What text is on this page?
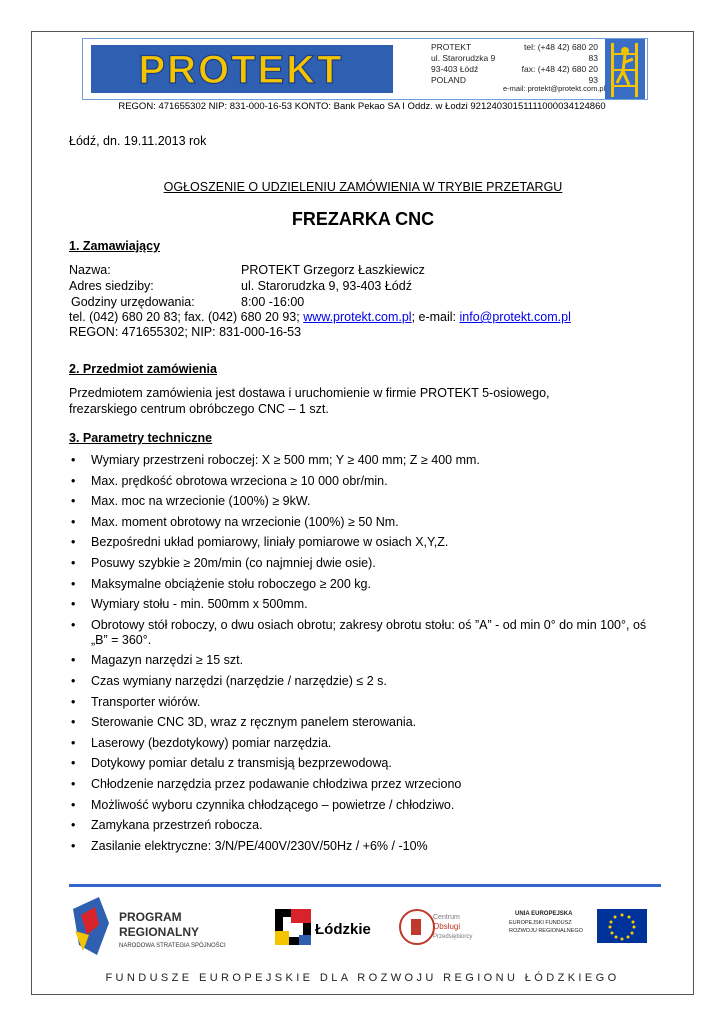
PROTEKT
PROTEKT
ul. Starorudzka 9
93-403 Łódź
POLAND
tel: (+48 42) 680 20 83
fax: (+48 42) 680 20 93
e-mail: protekt@protekt.com.pl
REGON: 471655302 NIP: 831-000-16-53 KONTO: Bank Pekao SA I Oddz. w Łodzi 92124030151111000034124860
Łódź, dn. 19.11.2013 rok
OGŁOSZENIE O UDZIELENIU ZAMÓWIENIA W TRYBIE PRZETARGU
FREZARKA CNC
1. Zamawiający
Nazwa:	PROTEKT Grzegorz Łaszkiewicz
Adres siedziby:	ul. Starorudzka 9, 93-403 Łódź
Godziny urzędowania:	8:00 -16:00
tel. (042) 680 20 83; fax. (042) 680 20 93; www.protekt.com.pl; e-mail: info@protekt.com.pl
REGON: 471655302; NIP: 831-000-16-53
2. Przedmiot zamówienia
Przedmiotem zamówienia jest dostawa i uruchomienie w firmie PROTEKT 5-osiowego,
frezarskiego centrum obróbczego CNC – 1 szt.
3. Parametry techniczne
• Wymiary przestrzeni roboczej: X ≥ 500 mm; Y ≥ 400 mm; Z ≥ 400 mm.
• Max. prędkość obrotowa wrzeciona ≥ 10 000 obr/min.
• Max. moc na wrzecionie (100%) ≥ 9kW.
• Max. moment obrotowy na wrzecionie (100%) ≥ 50 Nm.
• Bezpośredni układ pomiarowy, liniały pomiarowe w osiach X,Y,Z.
• Posuwy szybkie ≥ 20m/min (co najmniej dwie osie).
• Maksymalne obciążenie stołu roboczego ≥ 200 kg.
• Wymiary stołu - min. 500mm x 500mm.
• Obrotowy stół roboczy, o dwu osiach obrotu; zakresy obrotu stołu: oś ”A” - od min 0° do min 100°, oś „B” = 360°.
• Magazyn narzędzi ≥ 15 szt.
• Czas wymiany narzędzi (narzędzie / narzędzie) ≤ 2 s.
• Transporter wiórów.
• Sterowanie CNC 3D, wraz z ręcznym panelem sterowania.
• Laserowy (bezdotykowy) pomiar narzędzia.
• Dotykowy pomiar detalu z transmisją bezprzewodową.
• Chłodzenie narzędzia przez podawanie chłodziwa przez wrzeciono
• Możliwość wyboru czynnika chłodzącego – powietrze / chłodziwo.
• Zamykana przestrzeń robocza.
• Zasilanie elektryczne: 3/N/PE/400V/230V/50Hz / +6% / -10%
PROGRAM
REGIONALNY
NARODOWA STRATEGIA SPÓJNOŚCI
Łódzkie
Centrum
Obsługi
Przedsiębiorcy
UNIA EUROPEJSKA
EUROPEJSKI FUNDUSZ
ROZWOJU REGIONALNEGO
FUNDUSZE EUROPEJSKIE DLA ROZWOJU REGIONU ŁÓDZKIEGO
